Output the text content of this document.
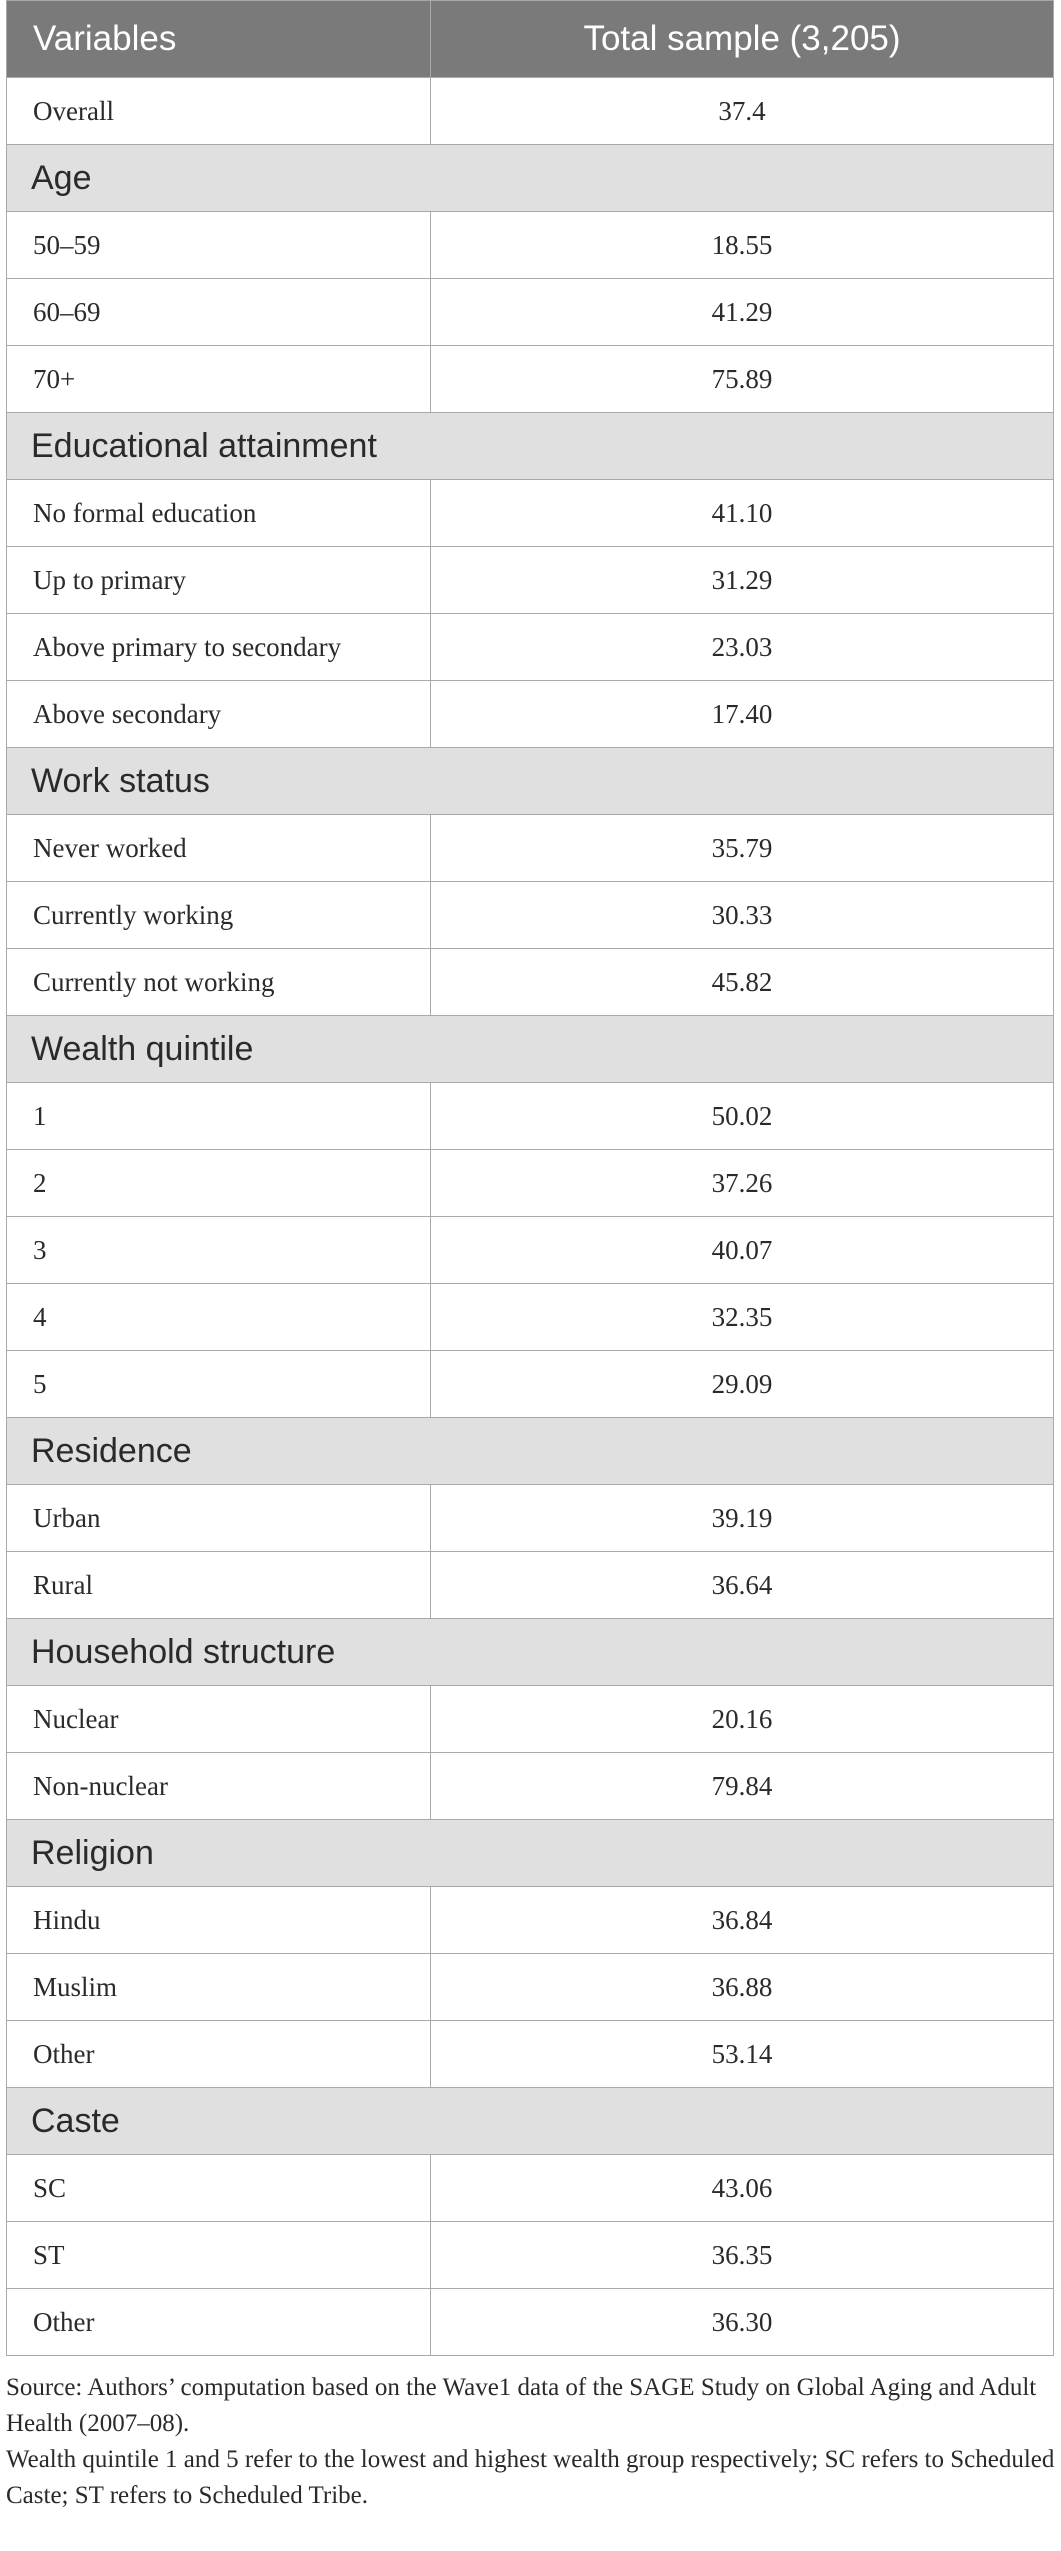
Variables	Total sample (3,205)
Overall	37.4
Age	
50–59	18.55
60–69	41.29
70+	75.89
Educational attainment	
No formal education	41.10
Up to primary	31.29
Above primary to secondary	23.03
Above secondary	17.40
Work status	
Never worked	35.79
Currently working	30.33
Currently not working	45.82
Wealth quintile	
1	50.02
2	37.26
3	40.07
4	32.35
5	29.09
Residence	
Urban	39.19
Rural	36.64
Household structure	
Nuclear	20.16
Non-nuclear	79.84
Religion	
Hindu	36.84
Muslim	36.88
Other	53.14
Caste	
SC	43.06
ST	36.35
Other	36.30

Source: Authors’ computation based on the Wave1 data of the SAGE Study on Global Aging and Adult Health (2007–08).

Wealth quintile 1 and 5 refer to the lowest and highest wealth group respectively; SC refers to Scheduled Caste; ST refers to Scheduled Tribe.
